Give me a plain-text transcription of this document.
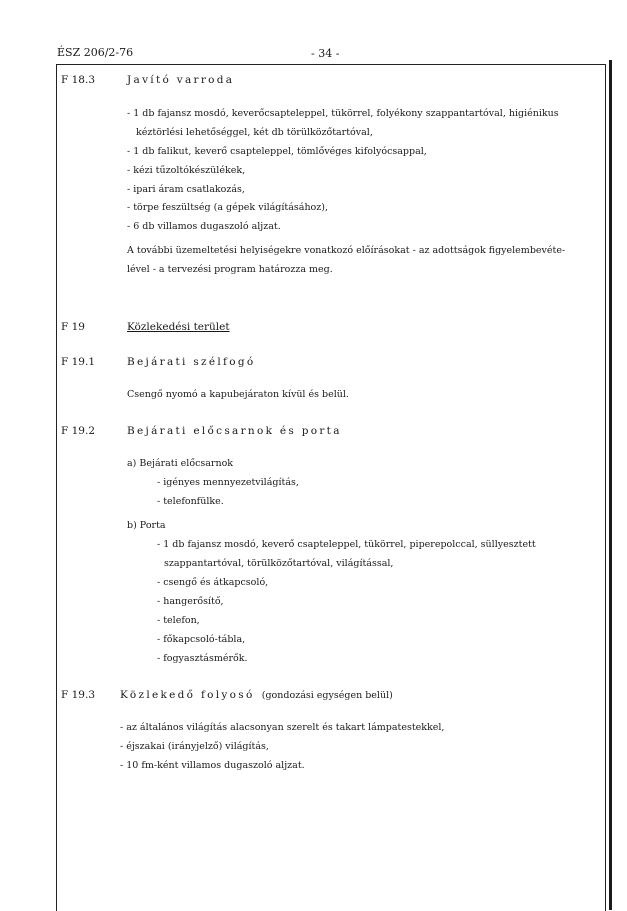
ÉSZ 206/2-76	- 34 -
F 18.3	Javító varroda
- 1 db fajansz mosdó, keverőcsapteleppel, tükörrel, folyékony szappantartóval, higiénikus
kéztörlési lehetőséggel, két db törülközőtartóval,
- 1 db falikut, keverő csapteleppel, tömlővéges kifolyócsappal,
- kézi tűzoltókészülékek,
- ipari áram csatlakozás,
- törpe feszültség (a gépek világításához),
- 6 db villamos dugaszoló aljzat.
A további üzemeltetési helyiségekre vonatkozó előírásokat - az adottságok figyelembevéte-
lével - a tervezési program határozza meg.
F 19	Közlekedési terület
F 19.1	Bejárati szélfogó
Csengő nyomó a kapubejáraton kívül és belül.
F 19.2	Bejárati előcsarnok és porta
a) Bejárati előcsarnok
- igényes mennyezetvilágítás,
- telefonfülke.
b) Porta
- 1 db fajansz mosdó, keverő csapteleppel, tükörrel, piperepolccal, süllyesztett
szappantartóval, törülközőtartóval, világítással,
- csengő és átkapcsoló,
- hangerősítő,
- telefon,
- főkapcsoló-tábla,
- fogyasztásmérők.
F 19.3 Közlekedő folyosó (gondozási egységen belül)
- az általános világítás alacsonyan szerelt és takart lámpatestekkel,
- éjszakai (irányjelző) világítás,
- 10 fm-ként villamos dugaszoló aljzat.
